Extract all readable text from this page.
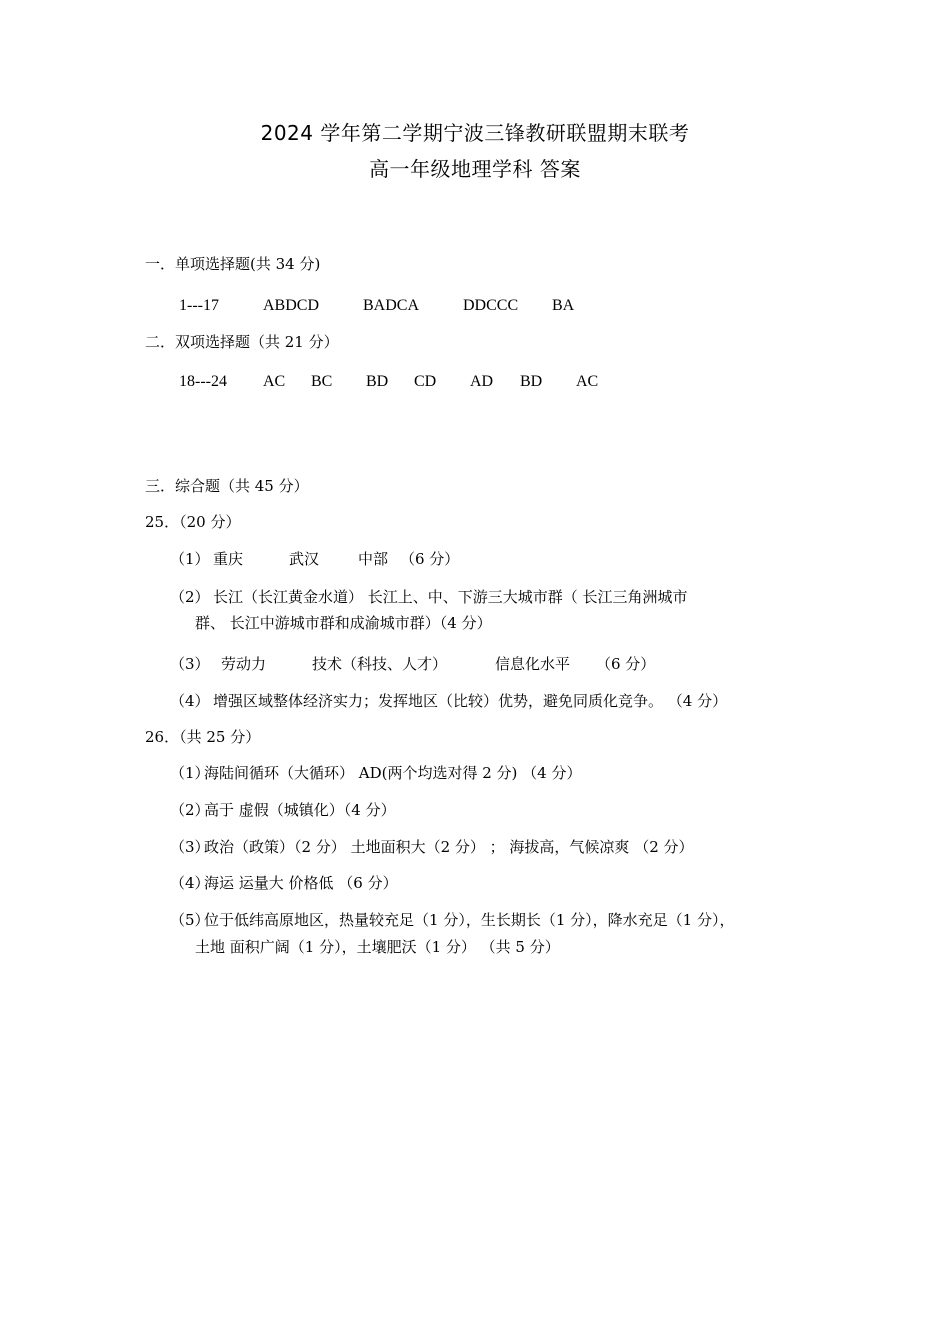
2024 学年第二学期宁波三锋教研联盟期末联考
高一年级地理学科 答案
一．单项选择题(共 34 分)
1---17	ABDCD	BADCA	DDCCC BA
二．双项选择题（共 21 分）
18---24 AC BC BD CD AD BD AC
三．综合题（共 45 分）
25．（20 分）
（1） 重庆	武汉	中部 （6 分）
（2） 长江（长江黄金水道） 长江上、中、下游三大城市群（ 长江三角洲城市
群、 长江中游城市群和成渝城市群）（4 分）
（3） 劳动力	技术（科技、人才）	信息化水平 （6 分）
（4） 增强区域整体经济实力；发挥地区（比较）优势，避免同质化竞争。 （4 分）
26．（共 25 分）
（1）
海陆间循环（大循环） AD(两个均选对得 2 分) （4 分）
（2）
高于 虚假（城镇化）（4 分）
（3）
政治（政策）（2 分） 土地面积大（2 分） ； 海拔高，气候凉爽 （2 分）
（4）
海运 运量大 价格低 （6 分）
（5）
位于低纬高原地区，热量较充足（1 分），生长期长（1 分），降水充足（1 分），
土地 面积广阔（1 分），土壤肥沃（1 分） （共 5 分）
